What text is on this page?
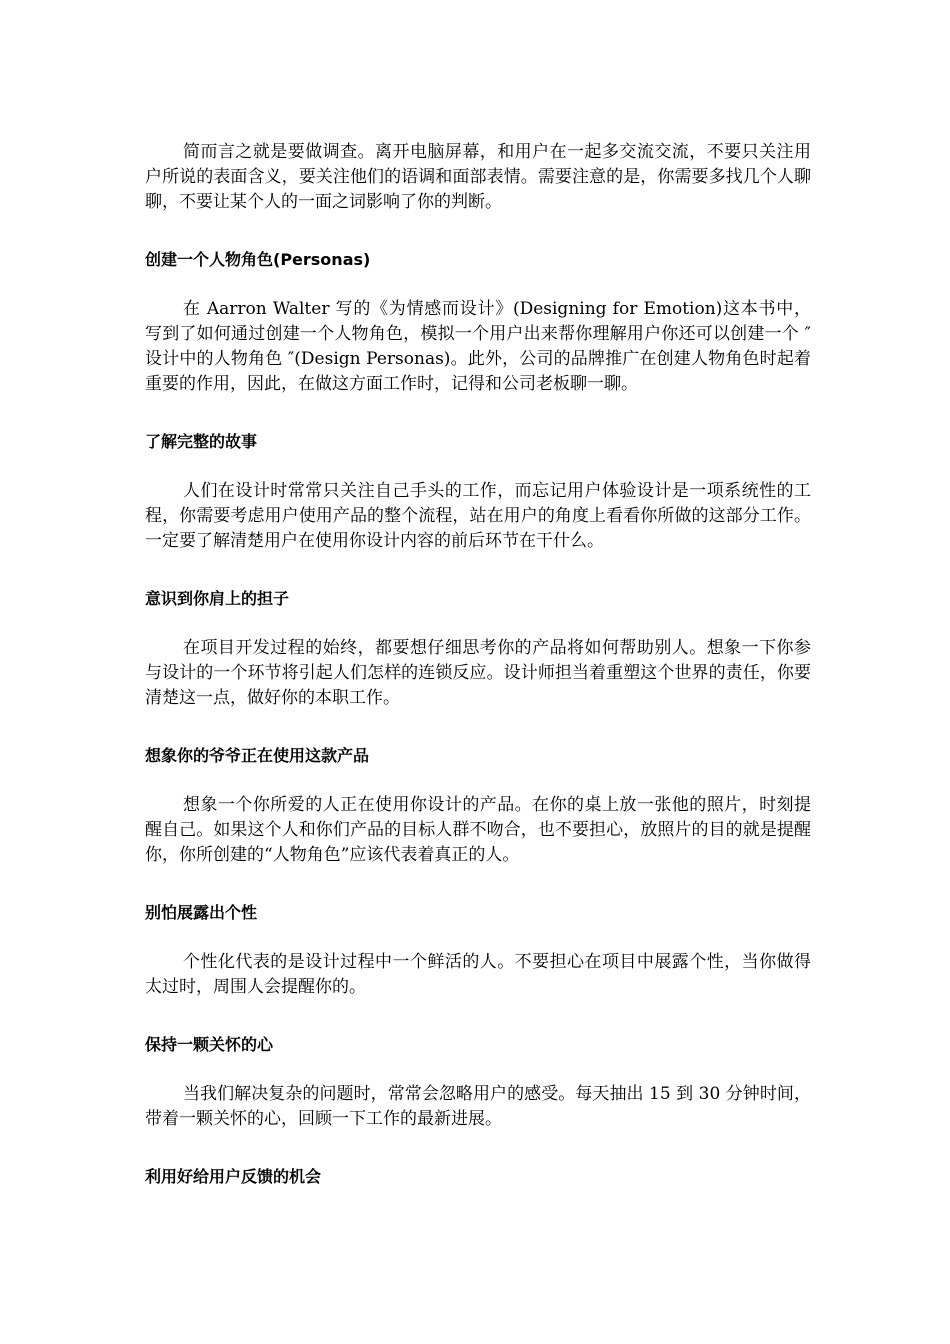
简而言之就是要做调查。离开电脑屏幕，和用户在一起多交流交流，不要只关注用户所说的表面含义，要关注他们的语调和面部表情。需要注意的是，你需要多找几个人聊聊，不要让某个人的一面之词影响了你的判断。

创建一个人物角色(Personas)

在 Aarron Walter 写的《为情感而设计》(Designing for Emotion)这本书中，写到了如何通过创建一个人物角色，模拟一个用户出来帮你理解用户你还可以创建一个 ″ 设计中的人物角色 ″(Design Personas)。此外，公司的品牌推广在创建人物角色时起着重要的作用，因此，在做这方面工作时，记得和公司老板聊一聊。

了解完整的故事

人们在设计时常常只关注自己手头的工作，而忘记用户体验设计是一项系统性的工程，你需要考虑用户使用产品的整个流程，站在用户的角度上看看你所做的这部分工作。一定要了解清楚用户在使用你设计内容的前后环节在干什么。

意识到你肩上的担子

在项目开发过程的始终，都要想仔细思考你的产品将如何帮助别人。想象一下你参与设计的一个环节将引起人们怎样的连锁反应。设计师担当着重塑这个世界的责任，你要清楚这一点，做好你的本职工作。

想象你的爷爷正在使用这款产品

想象一个你所爱的人正在使用你设计的产品。在你的桌上放一张他的照片，时刻提醒自己。如果这个人和你们产品的目标人群不吻合，也不要担心，放照片的目的就是提醒你，你所创建的“人物角色”应该代表着真正的人。

别怕展露出个性

个性化代表的是设计过程中一个鲜活的人。不要担心在项目中展露个性，当你做得太过时，周围人会提醒你的。

保持一颗关怀的心

当我们解决复杂的问题时，常常会忽略用户的感受。每天抽出 15 到 30 分钟时间，带着一颗关怀的心，回顾一下工作的最新进展。

利用好给用户反馈的机会
